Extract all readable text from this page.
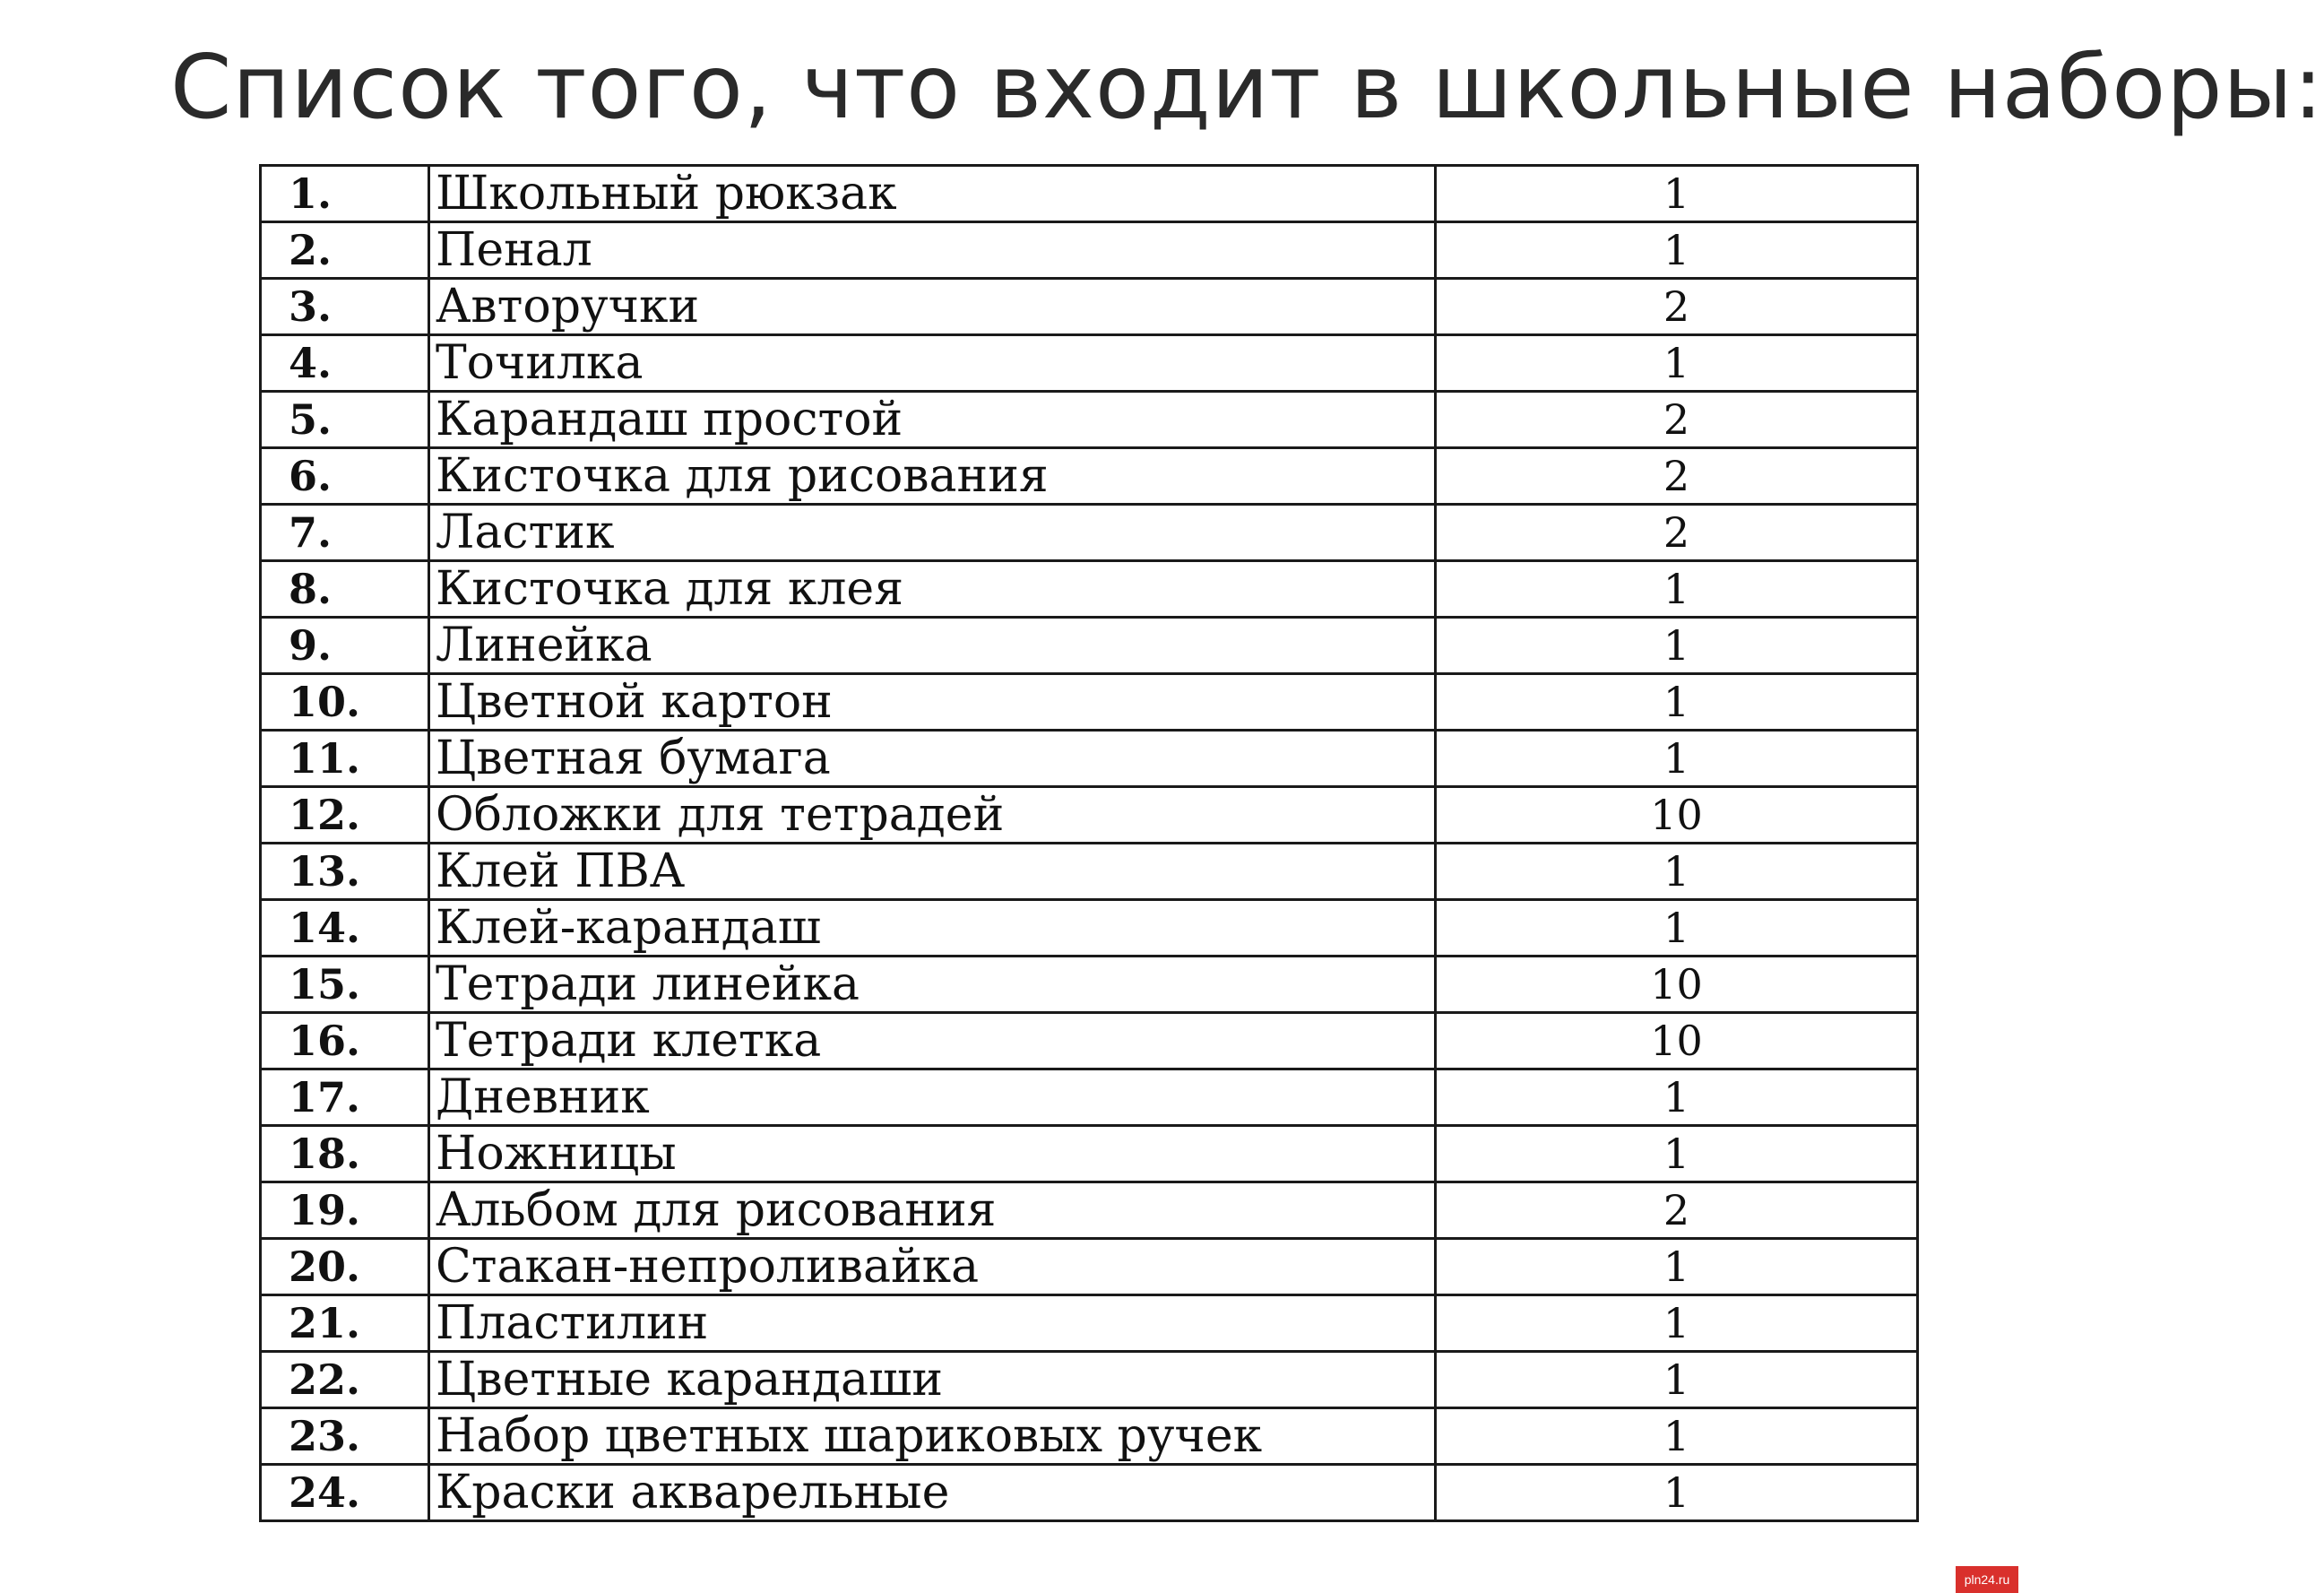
Список того, что входит в школьные наборы:
1.	Школьный рюкзак	1
2.	Пенал	1
3.	Авторучки	2
4.	Точилка	1
5.	Карандаш простой	2
6.	Кисточка для рисования	2
7.	Ластик	2
8.	Кисточка для клея	1
9.	Линейка	1
10.	Цветной картон	1
11.	Цветная бумага	1
12.	Обложки для тетрадей	10
13.	Клей ПВА	1
14.	Клей-карандаш	1
15.	Тетради линейка	10
16.	Тетради клетка	10
17.	Дневник	1
18.	Ножницы	1
19.	Альбом для рисования	2
20.	Стакан-непроливайка	1
21.	Пластилин	1
22.	Цветные карандаши	1
23.	Набор цветных шариковых ручек	1
24.	Краски акварельные	1
pln24.ru
